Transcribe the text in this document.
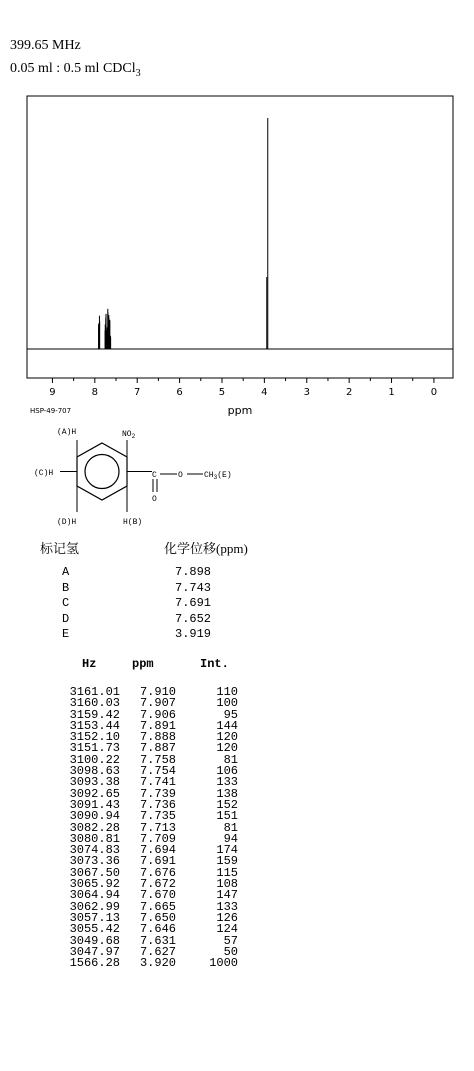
399.65 MHz
0.05 ml : 0.5 ml CDCl$_3$
9	8	7	6	5	4	3	2	1	0
ppm
HSP-49-707
(A)H	$NO_2$
(C)H	C	O
O
$CH_3(E)$
(D)H	H(B)
标记氢	化学位移(ppm)
A	7.898
B	7.743
C	7.691
D	7.652
E	3.919
Hz	ppm	Int.
3161.01	7.910	110
3160.03	7.907	100
3159.42	7.906	95
3153.44	7.891	144
3152.10	7.888	120
3151.73	7.887	120
3100.22	7.758	81
3098.63	7.754	106
3093.38	7.741	133
3092.65	7.739	138
3091.43	7.736	152
3090.94	7.735	151
3082.28	7.713	81
3080.81	7.709	94
3074.83	7.694	174
3073.36	7.691	159
3067.50	7.676	115
3065.92	7.672	108
3064.94	7.670	147
3062.99	7.665	133
3057.13	7.650	126
3055.42	7.646	124
3049.68	7.631	57
3047.97	7.627	50
1566.28	3.920	1000
